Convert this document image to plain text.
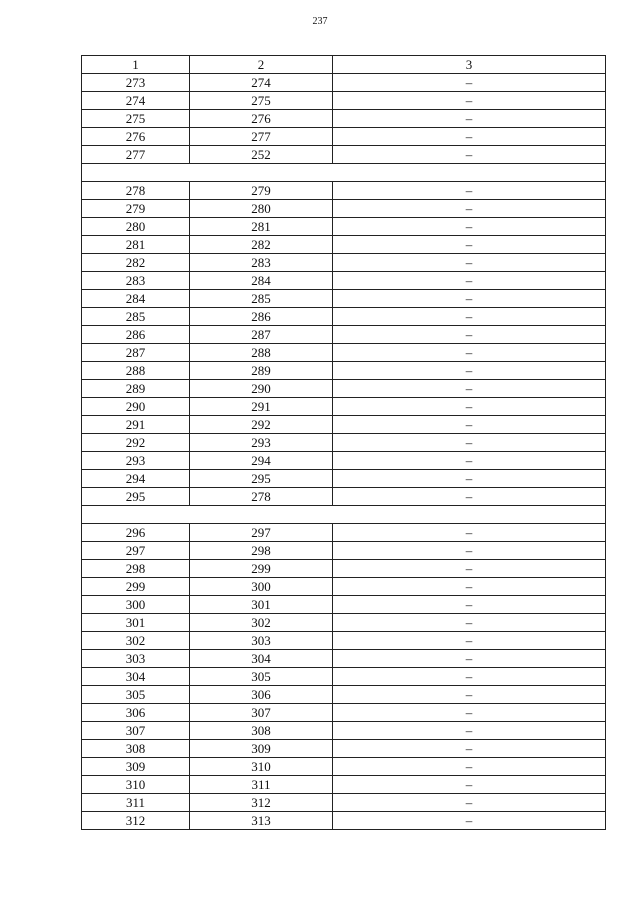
237
1	2	3
273	274	–
274	275	–
275	276	–
276	277	–
277	252	–

278	279	–
279	280	–
280	281	–
281	282	–
282	283	–
283	284	–
284	285	–
285	286	–
286	287	–
287	288	–
288	289	–
289	290	–
290	291	–
291	292	–
292	293	–
293	294	–
294	295	–
295	278	–

296	297	–
297	298	–
298	299	–
299	300	–
300	301	–
301	302	–
302	303	–
303	304	–
304	305	–
305	306	–
306	307	–
307	308	–
308	309	–
309	310	–
310	311	–
311	312	–
312	313	–
